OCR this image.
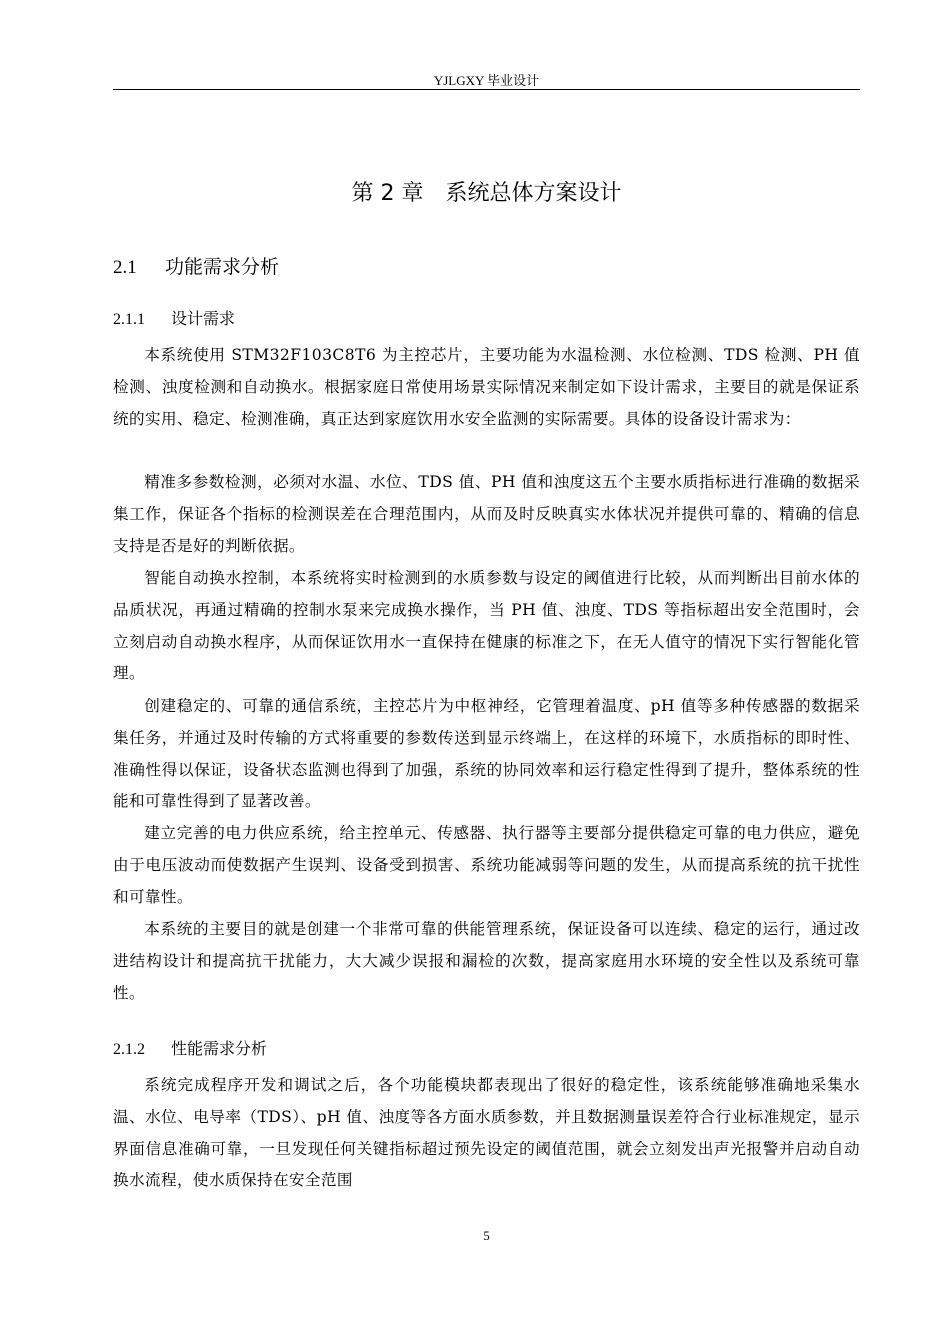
YJLGXY 毕业设计
第 2 章 系统总体方案设计
2.1 功能需求分析
2.1.1 设计需求

本系统使用 STM32F103C8T6 为主控芯片，主要功能为水温检测、水位检测、TDS 检测、PH 值检测、浊度检测和自动换水。根据家庭日常使用场景实际情况来制定如下设计需求，主要目的就是保证系统的实用、稳定、检测准确，真正达到家庭饮用水安全监测的实际需要。具体的设备设计需求为：

精准多参数检测，必须对水温、水位、TDS 值、PH 值和浊度这五个主要水质指标进行准确的数据采集工作，保证各个指标的检测误差在合理范围内，从而及时反映真实水体状况并提供可靠的、精确的信息支持是否是好的判断依据。

智能自动换水控制，本系统将实时检测到的水质参数与设定的阈值进行比较，从而判断出目前水体的品质状况，再通过精确的控制水泵来完成换水操作，当 PH 值、浊度、TDS 等指标超出安全范围时，会立刻启动自动换水程序，从而保证饮用水一直保持在健康的标准之下，在无人值守的情况下实行智能化管理。

创建稳定的、可靠的通信系统，主控芯片为中枢神经，它管理着温度、pH 值等多种传感器的数据采集任务，并通过及时传输的方式将重要的参数传送到显示终端上，在这样的环境下，水质指标的即时性、准确性得以保证，设备状态监测也得到了加强，系统的协同效率和运行稳定性得到了提升，整体系统的性能和可靠性得到了显著改善。

建立完善的电力供应系统，给主控单元、传感器、执行器等主要部分提供稳定可靠的电力供应，避免由于电压波动而使数据产生误判、设备受到损害、系统功能减弱等问题的发生，从而提高系统的抗干扰性和可靠性。

本系统的主要目的就是创建一个非常可靠的供能管理系统，保证设备可以连续、稳定的运行，通过改进结构设计和提高抗干扰能力，大大减少误报和漏检的次数，提高家庭用水环境的安全性以及系统可靠性。

2.1.2 性能需求分析

系统完成程序开发和调试之后，各个功能模块都表现出了很好的稳定性，该系统能够准确地采集水温、水位、电导率（TDS）、pH 值、浊度等各方面水质参数，并且数据测量误差符合行业标准规定，显示界面信息准确可靠，一旦发现任何关键指标超过预先设定的阈值范围，就会立刻发出声光报警并启动自动换水流程，使水质保持在安全范围

5
